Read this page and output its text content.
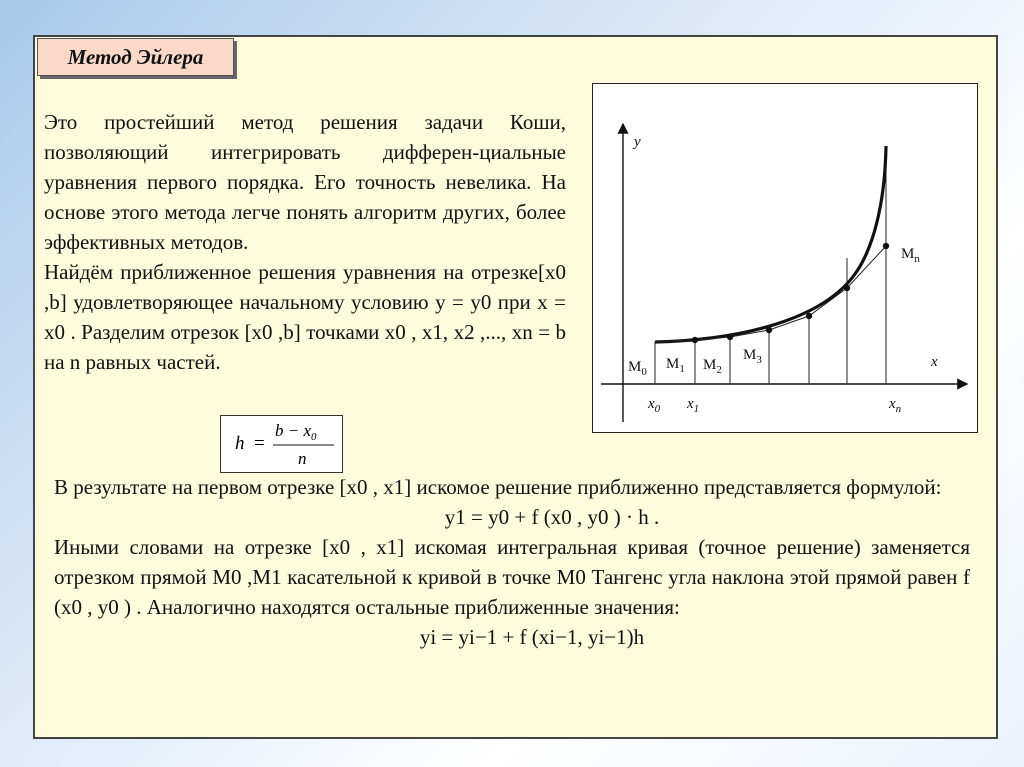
Метод Эйлера

Это простейший метод решения задачи Коши, позволяющий интегрировать дифферен-циальные уравнения первого порядка. Его точность невелика. На основе этого метода легче понять алгоритм других, более эффективных методов.

Найдём приближенное решения уравнения на отрезке[x0 ,b] удовлетворяющее начальному условию y = y0 при x = x0 . Разделим отрезок [x0 ,b] точками x0 , x1, x2 ,..., xn = b на n равных частей.

y
x
$M_0$ $M_1$ $M_2$
$M_3$
$M_n$
$x_0$ $x_1$	$x_n$
h =
$b - x_0$
n

В результате на первом отрезке [x0 , x1] искомое решение приближенно представляется формулой:

y1 = y0 + f (x0 , y0 ) · h .

Иными словами на отрезке [x0 , x1] искомая интегральная кривая (точное решение) заменяется отрезком прямой M0 ,M1 касательной к кривой в точке M0 Тангенс угла наклона этой прямой равен f (x0 , y0 ) . Аналогично находятся остальные приближенные значения:

yi = yi−1 + f (xi−1, yi−1)h
